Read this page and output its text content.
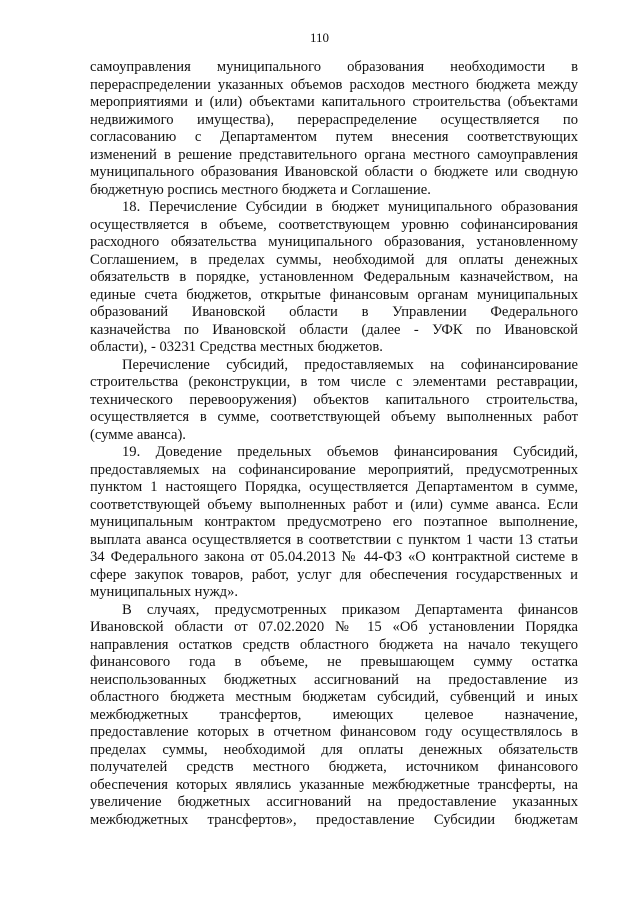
110
самоуправления муниципального образования необходимости в
перераспределении указанных объемов расходов местного бюджета между
мероприятиями и (или) объектами капитального строительства (объектами
недвижимого имущества), перераспределение осуществляется по
согласованию с Департаментом путем внесения соответствующих
изменений в решение представительного органа местного самоуправления
муниципального образования Ивановской области о бюджете или сводную
бюджетную роспись местного бюджета и Соглашение.
18. Перечисление Субсидии в бюджет муниципального образования
осуществляется в объеме, соответствующем уровню софинансирования
расходного обязательства муниципального образования, установленному
Соглашением, в пределах суммы, необходимой для оплаты денежных
обязательств в порядке, установленном Федеральным казначейством, на
единые счета бюджетов, открытые финансовым органам муниципальных
образований Ивановской области в Управлении Федерального
казначейства по Ивановской области (далее - УФК по Ивановской
области), - 03231 Средства местных бюджетов.
Перечисление субсидий, предоставляемых на софинансирование
строительства (реконструкции, в том числе с элементами реставрации,
технического перевооружения) объектов капитального строительства,
осуществляется в сумме, соответствующей объему выполненных работ
(сумме аванса).
19. Доведение предельных объемов финансирования Субсидий,
предоставляемых на софинансирование мероприятий, предусмотренных
пунктом 1 настоящего Порядка, осуществляется Департаментом в сумме,
соответствующей объему выполненных работ и (или) сумме аванса. Если
муниципальным контрактом предусмотрено его поэтапное выполнение,
выплата аванса осуществляется в соответствии с пунктом 1 части 13 статьи
34 Федерального закона от 05.04.2013 № 44-ФЗ «О контрактной системе в
сфере закупок товаров, работ, услуг для обеспечения государственных и
муниципальных нужд».
В случаях, предусмотренных приказом Департамента финансов
Ивановской области от 07.02.2020 № 15 «Об установлении Порядка
направления остатков средств областного бюджета на начало текущего
финансового года в объеме, не превышающем сумму остатка
неиспользованных бюджетных ассигнований на предоставление из
областного бюджета местным бюджетам субсидий, субвенций и иных
межбюджетных трансфертов, имеющих целевое назначение,
предоставление которых в отчетном финансовом году осуществлялось в
пределах суммы, необходимой для оплаты денежных обязательств
получателей средств местного бюджета, источником финансового
обеспечения которых являлись указанные межбюджетные трансферты, на
увеличение бюджетных ассигнований на предоставление указанных
межбюджетных трансфертов», предоставление Субсидии бюджетам
